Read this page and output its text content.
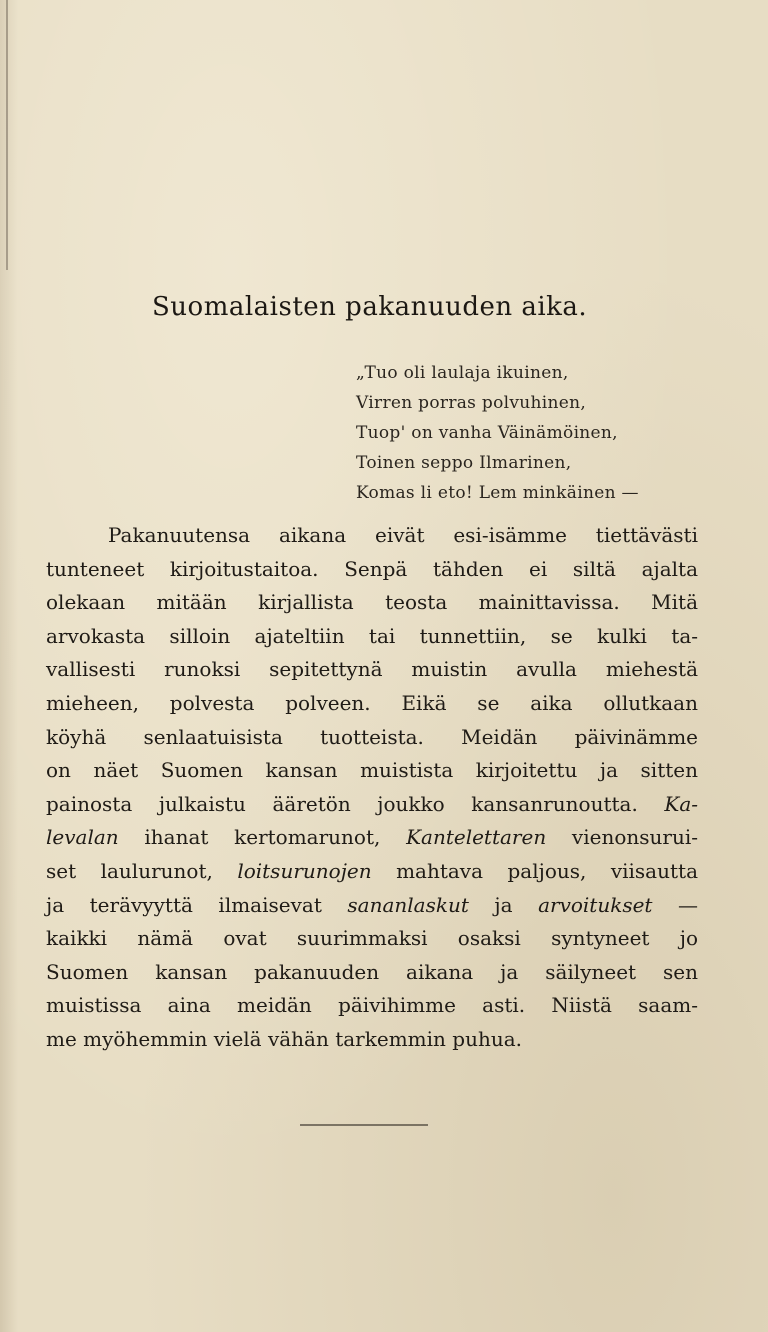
Suomalaisten pakanuuden aika.
„Tuo oli laulaja ikuinen,
Virren porras polvuhinen,
Tuop' on vanha Väinämöinen,
Toinen seppo Ilmarinen,
Komas li eto! Lem minkäinen —
Pakanuutensa aikana eivät esi-isämme tiettävästi
tunteneet kirjoitustaitoa. Senpä tähden ei siltä ajalta
olekaan mitään kirjallista teosta mainittavissa. Mitä
arvokasta silloin ajateltiin tai tunnettiin, se kulki ta-
vallisesti runoksi sepitettynä muistin avulla miehestä
mieheen, polvesta polveen. Eikä se aika ollutkaan
köyhä senlaatuisista tuotteista. Meidän päivinämme
on näet Suomen kansan muistista kirjoitettu ja sitten
painosta julkaistu ääretön joukko kansanrunoutta. Ka-
levalan ihanat kertomarunot, Kantelettaren vienonsurui-
set laulurunot, loitsurunojen mahtava paljous, viisautta
ja terävyyttä ilmaisevat sananlaskut ja arvoitukset —
kaikki nämä ovat suurimmaksi osaksi syntyneet jo
Suomen kansan pakanuuden aikana ja säilyneet sen
muistissa aina meidän päivihimme asti. Niistä saam-
me myöhemmin vielä vähän tarkemmin puhua.
